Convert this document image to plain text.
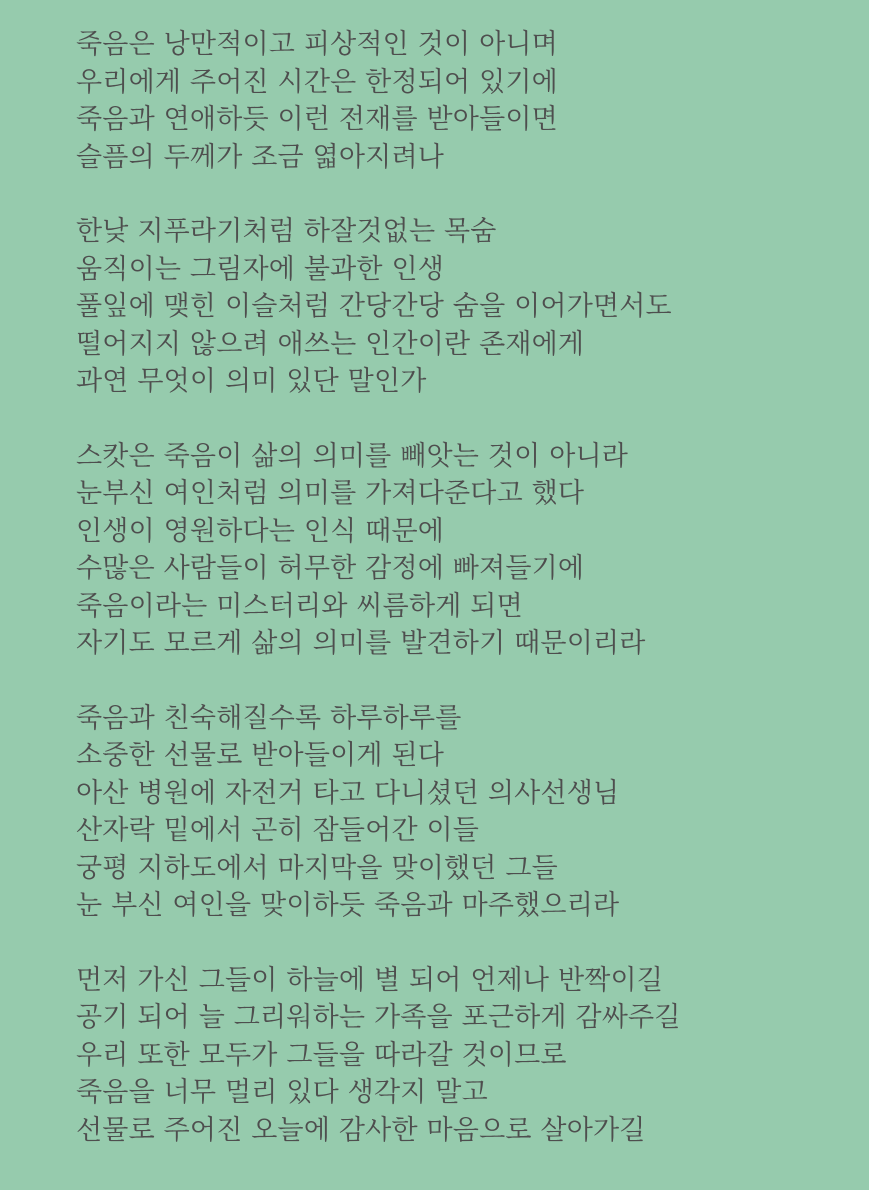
죽음은 낭만적이고 피상적인 것이 아니며
우리에게 주어진 시간은 한정되어 있기에
죽음과 연애하듯 이런 전재를 받아들이면
슬픔의 두께가 조금 엷아지려나
한낮 지푸라기처럼 하잘것없는 목숨
움직이는 그림자에 불과한 인생
풀잎에 맺힌 이슬처럼 간당간당 숨을 이어가면서도
떨어지지 않으려 애쓰는 인간이란 존재에게
과연 무엇이 의미 있단 말인가
스캇은 죽음이 삶의 의미를 빼앗는 것이 아니라
눈부신 여인처럼 의미를 가져다준다고 했다
인생이 영원하다는 인식 때문에
수많은 사람들이 허무한 감정에 빠져들기에
죽음이라는 미스터리와 씨름하게 되면
자기도 모르게 삶의 의미를 발견하기 때문이리라
죽음과 친숙해질수록 하루하루를
소중한 선물로 받아들이게 된다
아산 병원에 자전거 타고 다니셨던 의사선생님
산자락 밑에서 곤히 잠들어간 이들
궁평 지하도에서 마지막을 맞이했던 그들
눈 부신 여인을 맞이하듯 죽음과 마주했으리라
먼저 가신 그들이 하늘에 별 되어 언제나 반짝이길
공기 되어 늘 그리워하는 가족을 포근하게 감싸주길
우리 또한 모두가 그들을 따라갈 것이므로
죽음을 너무 멀리 있다 생각지 말고
선물로 주어진 오늘에 감사한 마음으로 살아가길
